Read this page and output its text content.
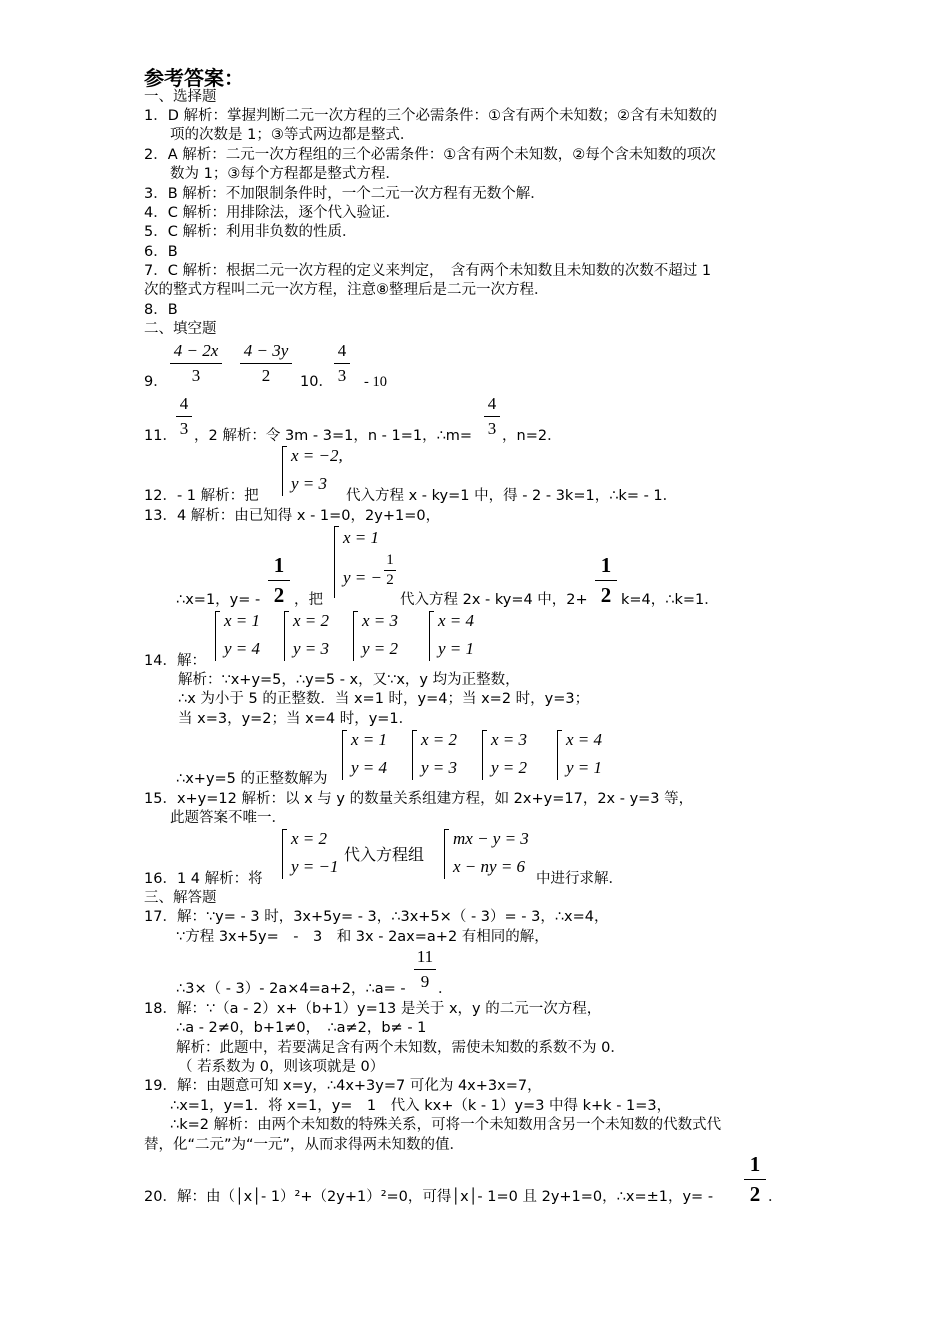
参考答案：
一、选择题
1．D 解析：掌握判断二元一次方程的三个必需条件：①含有两个未知数；②含有未知数的
项的次数是 1；③等式两边都是整式．
2．A 解析：二元一次方程组的三个必需条件：①含有两个未知数，②每个含未知数的项次
数为 1；③每个方程都是整式方程．
3．B 解析：不加限制条件时，一个二元一次方程有无数个解．
4．C 解析：用排除法，逐个代入验证．
5．C 解析：利用非负数的性质．
6．B
7．C 解析：根据二元一次方程的定义来判定，　含有两个未知数且未知数的次数不超过 1
次的整式方程叫二元一次方程，注意⑧整理后是二元一次方程．
8．B
二、填空题
9．
4 − 2x
3
4 − 3y
2	10．
4
3 - 10
11．
4
3 ，2 解析：令 3m - 3=1，n - 1=1，∴m=
4
3 ，n=2．
12．- 1 解析：把
x = −2,
y = 3
代入方程 x - ky=1 中，得 - 2 - 3k=1，∴k= - 1．
13．4 解析：由已知得 x - 1=0，2y+1=0，
∴x=1，y= -
1
2 ，把
x = 1
y = −
1
2
代入方程 2x - ky=4 中，2+
1
2 k=4，∴k=1．
14．解：
x = 1
y = 4
x = 2
y = 3
x = 3
y = 2
x = 4
y = 1
解析：∵x+y=5，∴y=5 - x，又∵x，y 均为正整数，
∴x 为小于 5 的正整数．当 x=1 时，y=4；当 x=2 时，y=3；
当 x=3，y=2；当 x=4 时，y=1．
∴x+y=5 的正整数解为
x = 1
y = 4
x = 2
y = 3
x = 3
y = 2
x = 4
y = 1
15．x+y=12 解析：以 x 与 y 的数量关系组建方程，如 2x+y=17，2x - y=3 等，
此题答案不唯一．
16．1 4 解析：将
x = 2
y = −1
代入方程组
mx − y = 3
x − ny = 6
中进行求解．
三、解答题
17．解：∵y= - 3 时，3x+5y= - 3，∴3x+5×（ - 3）= - 3，∴x=4，
∵方程 3x+5y=　-　3　和 3x - 2ax=a+2 有相同的解，
∴3×（ - 3）- 2a×4=a+2，∴a= -
11
9 ．
18．解：∵（a - 2）x+（b+1）y=13 是关于 x，y 的二元一次方程，
∴a - 2≠0，b+1≠0，　∴a≠2，b≠ - 1
解析：此题中，若要满足含有两个未知数，需使未知数的系数不为 0．
（ 若系数为 0，则该项就是 0）
19．解：由题意可知 x=y，∴4x+3y=7 可化为 4x+3x=7，
∴x=1，y=1．将 x=1，y=　1　代入 kx+（k - 1）y=3 中得 k+k - 1=3，
∴k=2 解析：由两个未知数的特殊关系，可将一个未知数用含另一个未知数的代数式代
替，化“二元”为“一元”，从而求得两未知数的值．
20．解：由（│x│- 1）²+（2y+1）²=0，可得│x│- 1=0 且 2y+1=0，∴x=±1，y= -
1
2 ．
